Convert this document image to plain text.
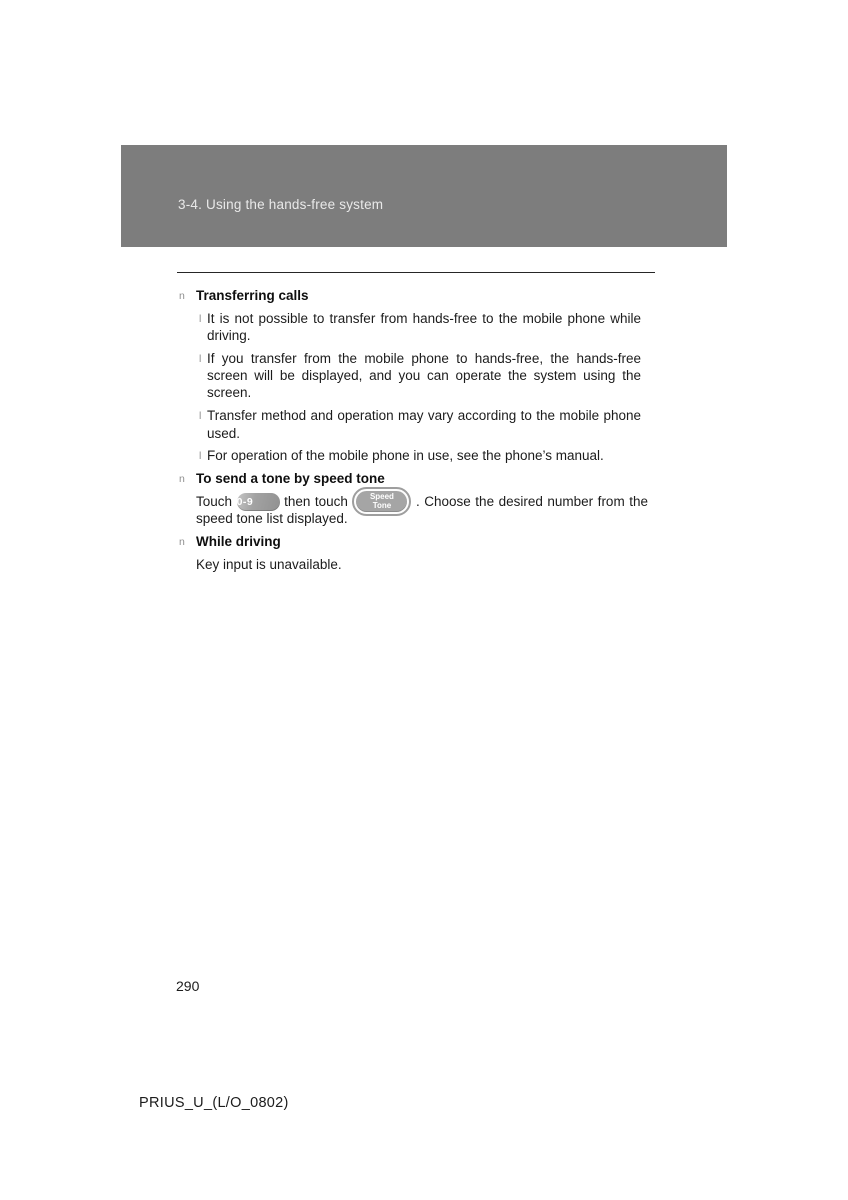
3-4. Using the hands-free system
n Transferring calls
l It is not possible to transfer from hands-free to the mobile phone while
driving.
l If you transfer from the mobile phone to hands-free, the hands-free
screen will be displayed, and you can operate the system using the
screen.
l Transfer method and operation may vary according to the mobile phone
used.
l For operation of the mobile phone in use, see the phone’s manual.
n To send a tone by speed tone
Touch 0-9	then touch	Speed
Tone . Choose the desired number from the
speed tone list displayed.
n While driving
Key input is unavailable.
290
PRIUS_U_(L/O_0802)
